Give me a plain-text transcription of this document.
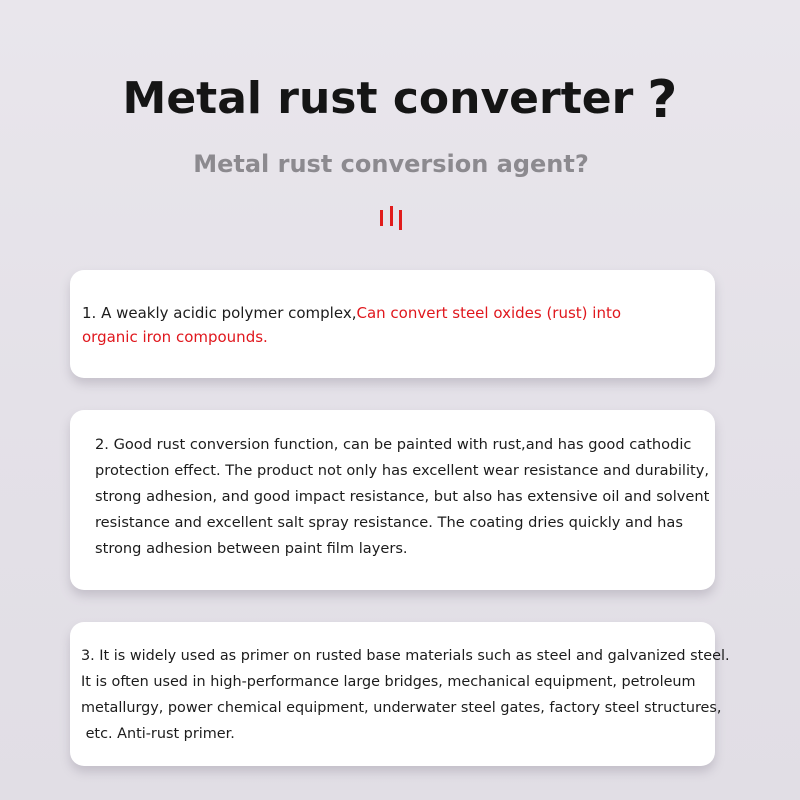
Metal rust converter ?
Metal rust conversion agent?
1. A weakly acidic polymer complex,Can convert steel oxides (rust) into
organic iron compounds.
2. Good rust conversion function, can be painted with rust,and has good cathodic
protection effect. The product not only has excellent wear resistance and durability,
strong adhesion, and good impact resistance, but also has extensive oil and solvent
resistance and excellent salt spray resistance. The coating dries quickly and has
strong adhesion between paint film layers.
3. It is widely used as primer on rusted base materials such as steel and galvanized steel.
It is often used in high-performance large bridges, mechanical equipment, petroleum
metallurgy, power chemical equipment, underwater steel gates, factory steel structures,
etc. Anti-rust primer.
